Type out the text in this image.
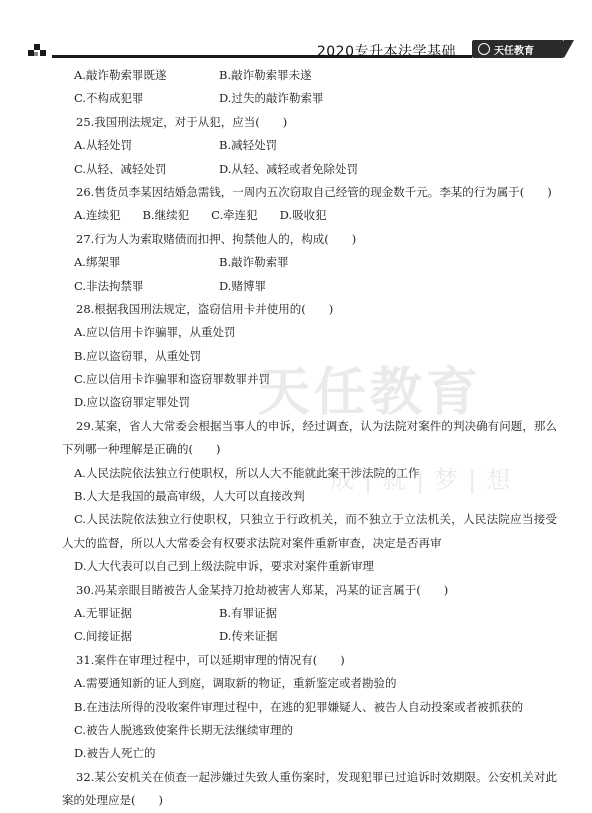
2020专升本法学基础	天任教育
天任教育
成|就|梦|想
A.敲诈勒索罪既遂	B.敲诈勒索罪未遂
C.不构成犯罪	D.过失的敲诈勒索罪
25.我国刑法规定，对于从犯，应当(　　)
A.从轻处罚	B.减轻处罚
C.从轻、减轻处罚	D.从轻、减轻或者免除处罚
26.售货员李某因结婚急需钱，一周内五次窃取自己经管的现金数千元。李某的行为属于(　　)
A.连续犯 B.继续犯 C.牵连犯 D.吸收犯
27.行为人为索取赌债而扣押、拘禁他人的，构成(　　)
A.绑架罪	B.敲诈勒索罪
C.非法拘禁罪	D.赌博罪
28.根据我国刑法规定，盗窃信用卡并使用的(　　)
A.应以信用卡诈骗罪，从重处罚
B.应以盗窃罪，从重处罚
C.应以信用卡诈骗罪和盗窃罪数罪并罚
D.应以盗窃罪定罪处罚
29.某案，省人大常委会根据当事人的申诉，经过调查，认为法院对案件的判决确有问题，那么下列哪一种理解是正确的(　　)
A.人民法院依法独立行使职权，所以人大不能就此案干涉法院的工作
B.人大是我国的最高审级，人大可以直接改判
C.人民法院依法独立行使职权，只独立于行政机关，而不独立于立法机关，人民法院应当接受人大的监督，所以人大常委会有权要求法院对案件重新审查，决定是否再审
D.人大代表可以自己到上级法院申诉，要求对案件重新审理
30.冯某亲眼目睹被告人金某持刀抢劫被害人郑某，冯某的证言属于(　　)
A.无罪证据	B.有罪证据
C.间接证据	D.传来证据
31.案件在审理过程中，可以延期审理的情况有(　　)
A.需要通知新的证人到庭，调取新的物证，重新鉴定或者勘验的
B.在违法所得的没收案件审理过程中，在逃的犯罪嫌疑人、被告人自动投案或者被抓获的
C.被告人脱逃致使案件长期无法继续审理的
D.被告人死亡的
32.某公安机关在侦查一起涉嫌过失致人重伤案时，发现犯罪已过追诉时效期限。公安机关对此案的处理应是(　　)
